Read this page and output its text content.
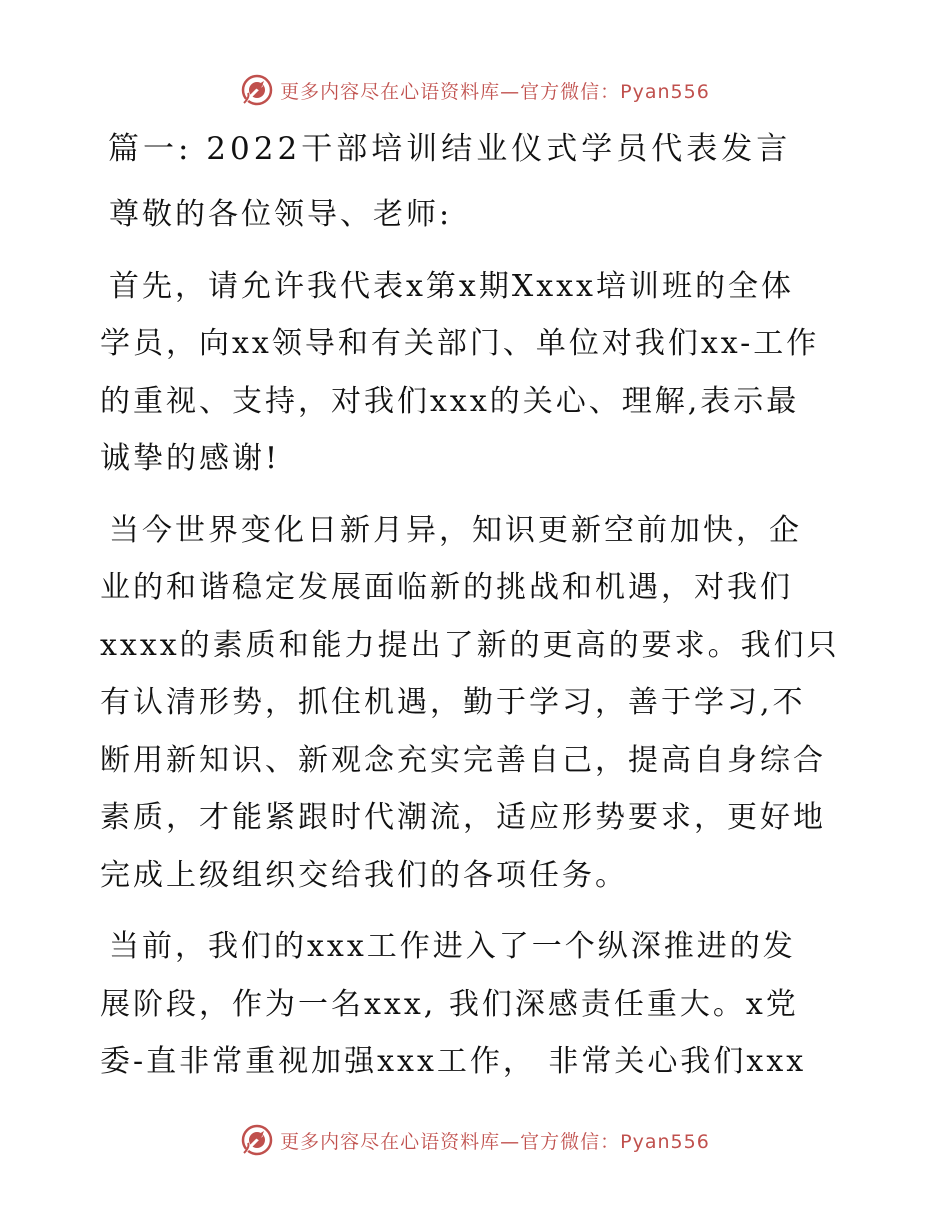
更多内容尽在心语资料库—官方微信：Pyan556
篇一: 2022干部培训结业仪式学员代表发言
尊敬的各位领导、老师:
首先，请允许我代表x第x期Xxxx培训班的全体
学员，向xx领导和有关部门、单位对我们xx-工作
的重视、支持，对我们xxx的关心、理解,表示最
诚挚的感谢!
当今世界变化日新月异，知识更新空前加快，企
业的和谐稳定发展面临新的挑战和机遇，对我们
xxxx的素质和能力提出了新的更高的要求。我们只
有认清形势，抓住机遇，勤于学习，善于学习,不
断用新知识、新观念充实完善自己，提高自身综合
素质，才能紧跟时代潮流，适应形势要求，更好地
完成上级组织交给我们的各项任务。
当前，我们的xxx工作进入了一个纵深推进的发
展阶段，作为一名xxx, 我们深感责任重大。x党
委-直非常重视加强xxx工作， 非常关心我们xxx
更多内容尽在心语资料库—官方微信：Pyan556
